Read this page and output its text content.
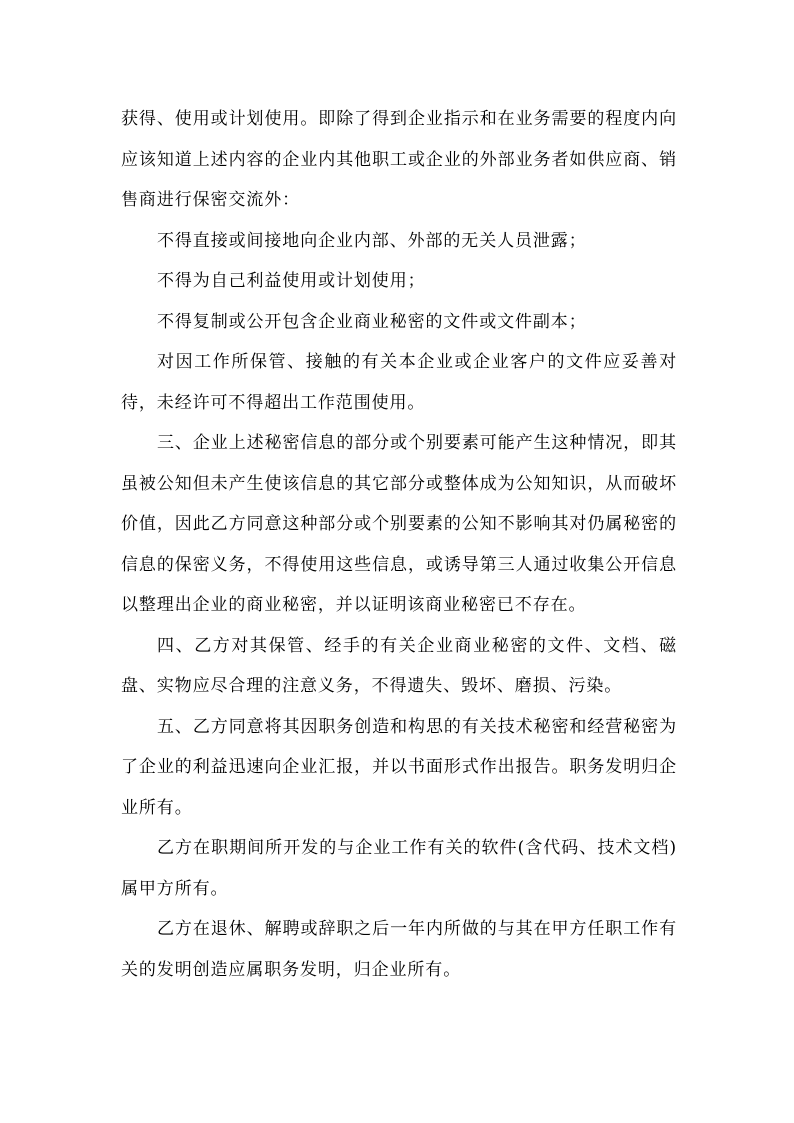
获得、使用或计划使用。即除了得到企业指示和在业务需要的程度内向应该知道上述内容的企业内其他职工或企业的外部业务者如供应商、销售商进行保密交流外：

不得直接或间接地向企业内部、外部的无关人员泄露；

不得为自己利益使用或计划使用；

不得复制或公开包含企业商业秘密的文件或文件副本；

对因工作所保管、接触的有关本企业或企业客户的文件应妥善对待，未经许可不得超出工作范围使用。

三、企业上述秘密信息的部分或个别要素可能产生这种情况，即其虽被公知但未产生使该信息的其它部分或整体成为公知知识，从而破坏价值，因此乙方同意这种部分或个别要素的公知不影响其对仍属秘密的信息的保密义务，不得使用这些信息，或诱导第三人通过收集公开信息以整理出企业的商业秘密，并以证明该商业秘密已不存在。

四、乙方对其保管、经手的有关企业商业秘密的文件、文档、磁盘、实物应尽合理的注意义务，不得遗失、毁坏、磨损、污染。

五、乙方同意将其因职务创造和构思的有关技术秘密和经营秘密为了企业的利益迅速向企业汇报，并以书面形式作出报告。职务发明归企业所有。

乙方在职期间所开发的与企业工作有关的软件(含代码、技术文档)属甲方所有。

乙方在退休、解聘或辞职之后一年内所做的与其在甲方任职工作有关的发明创造应属职务发明，归企业所有。
